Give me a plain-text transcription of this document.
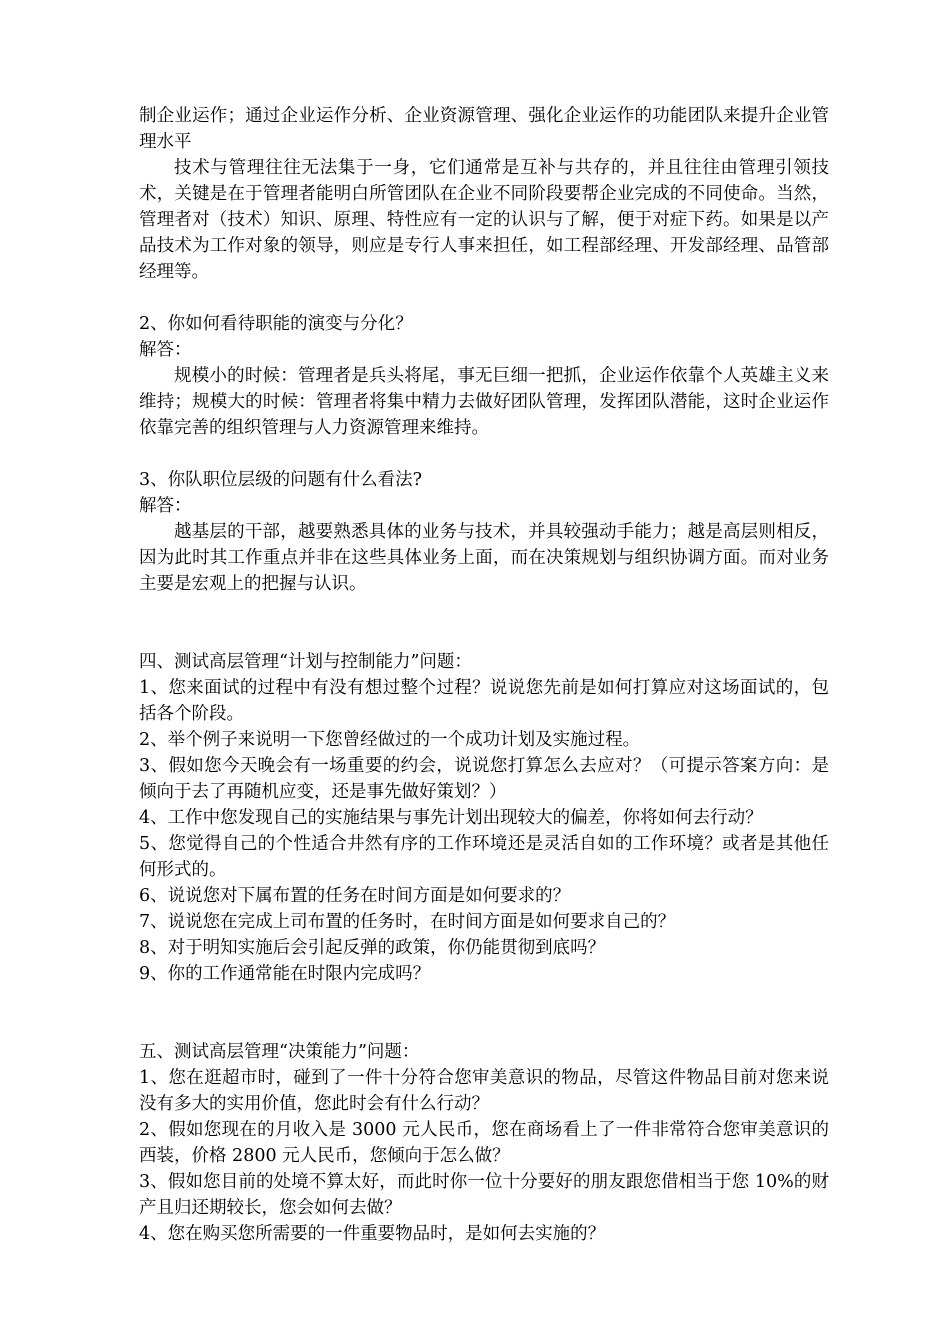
制企业运作；通过企业运作分析、企业资源管理、强化企业运作的功能团队来提升企业管理水平

技术与管理往往无法集于一身，它们通常是互补与共存的，并且往往由管理引领技术，关键是在于管理者能明白所管团队在企业不同阶段要帮企业完成的不同使命。当然，管理者对（技术）知识、原理、特性应有一定的认识与了解，便于对症下药。如果是以产品技术为工作对象的领导，则应是专行人事来担任，如工程部经理、开发部经理、品管部经理等。

2、你如何看待职能的演变与分化？

解答：

规模小的时候：管理者是兵头将尾，事无巨细一把抓，企业运作依靠个人英雄主义来维持；规模大的时候：管理者将集中精力去做好团队管理，发挥团队潜能，这时企业运作依靠完善的组织管理与人力资源管理来维持。

3、你队职位层级的问题有什么看法?

解答：

越基层的干部，越要熟悉具体的业务与技术，并具较强动手能力；越是高层则相反，因为此时其工作重点并非在这些具体业务上面，而在决策规划与组织协调方面。而对业务主要是宏观上的把握与认识。

四、测试高层管理“计划与控制能力”问题：

1、您来面试的过程中有没有想过整个过程？说说您先前是如何打算应对这场面试的，包括各个阶段。

2、举个例子来说明一下您曾经做过的一个成功计划及实施过程。

3、假如您今天晚会有一场重要的约会，说说您打算怎么去应对？（可提示答案方向：是倾向于去了再随机应变，还是事先做好策划？）

4、工作中您发现自己的实施结果与事先计划出现较大的偏差，你将如何去行动？

5、您觉得自己的个性适合井然有序的工作环境还是灵活自如的工作环境？或者是其他任何形式的。

6、说说您对下属布置的任务在时间方面是如何要求的？

7、说说您在完成上司布置的任务时，在时间方面是如何要求自己的？

8、对于明知实施后会引起反弹的政策，你仍能贯彻到底吗？

9、你的工作通常能在时限内完成吗？

五、测试高层管理“决策能力”问题：

1、您在逛超市时，碰到了一件十分符合您审美意识的物品，尽管这件物品目前对您来说没有多大的实用价值，您此时会有什么行动？

2、假如您现在的月收入是 3000 元人民币，您在商场看上了一件非常符合您审美意识的西装，价格 2800 元人民币，您倾向于怎么做？

3、假如您目前的处境不算太好，而此时你一位十分要好的朋友跟您借相当于您 10%的财产且归还期较长，您会如何去做？

4、您在购买您所需要的一件重要物品时，是如何去实施的？
